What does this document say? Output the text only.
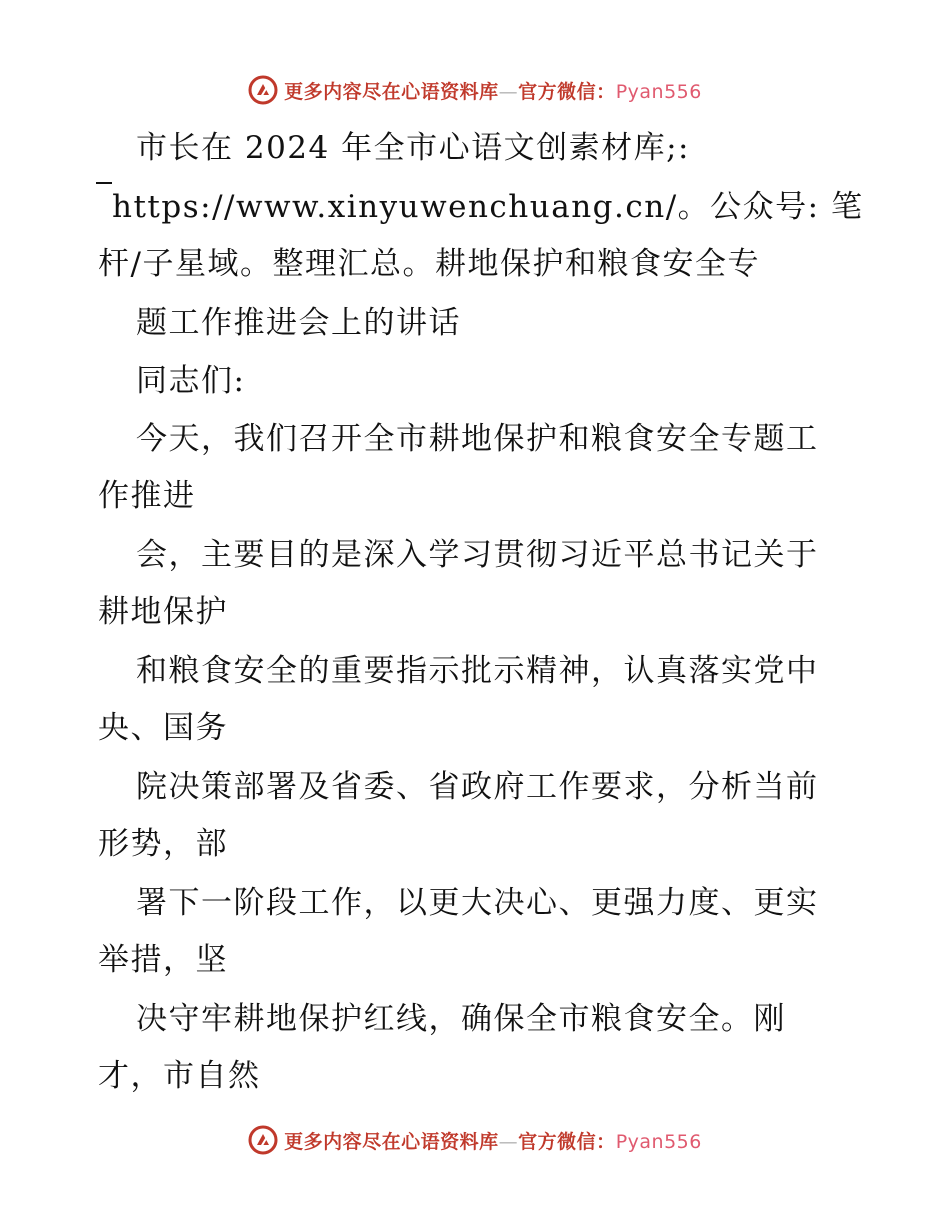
更多内容尽在心语资料库—官方微信：Pyan556
市长在 2024 年全市心语文创素材库;:
https://www.xinyuwenchuang.cn/。公众号: 笔
杆/子星域。整理汇总。耕地保护和粮食安全专
题工作推进会上的讲话
同志们:
今天，我们召开全市耕地保护和粮食安全专题工
作推进
会，主要目的是深入学习贯彻习近平总书记关于
耕地保护
和粮食安全的重要指示批示精神，认真落实党中
央、国务
院决策部署及省委、省政府工作要求，分析当前
形势，部
署下一阶段工作，以更大决心、更强力度、更实
举措，坚
决守牢耕地保护红线，确保全市粮食安全。刚
才，市自然
更多内容尽在心语资料库—官方微信：Pyan556
